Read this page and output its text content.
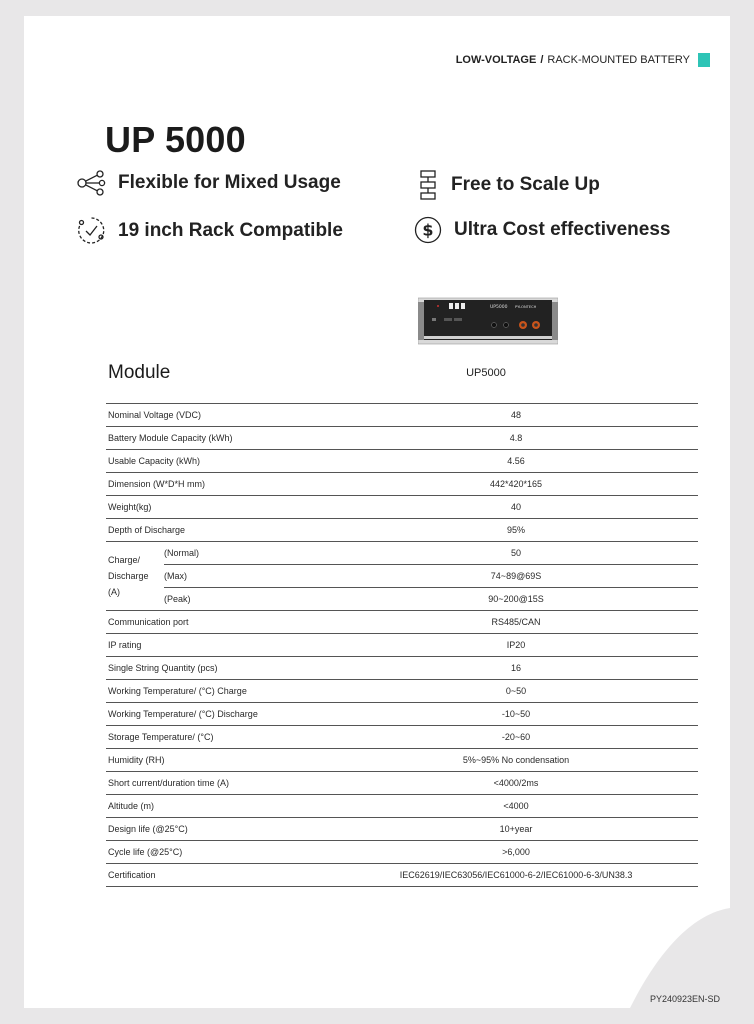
LOW-VOLTAGE / RACK-MOUNTED BATTERY
UP 5000
Flexible for Mixed Usage	Free to Scale Up
19 inch Rack Compatible	$ Ultra Cost effectiveness
UP5000 PYLONTECH
Module	UP5000
Nominal Voltage (VDC)		48
Battery Module Capacity (kWh)		4.8
Usable Capacity (kWh)		4.56
Dimension (W*D*H mm)		442*420*165
Weight(kg)		40
Depth of Discharge		95%
Charge/
Discharge
(A)	(Normal)	50
	(Max)	74~89@69S
	(Peak)	90~200@15S
Communication port		RS485/CAN
IP rating		IP20
Single String Quantity (pcs)		16
Working Temperature/ (°C) Charge		0~50
Working Temperature/ (°C) Discharge		-10~50
Storage Temperature/ (°C)		-20~60
Humidity (RH)		5%~95% No condensation
Short current/duration time (A)		<4000/2ms
Altitude (m)		<4000
Design life (@25°C)		10+year
Cycle life (@25°C)		>6,000
Certification		IEC62619/IEC63056/IEC61000-6-2/IEC61000-6-3/UN38.3
PY240923EN-SD
